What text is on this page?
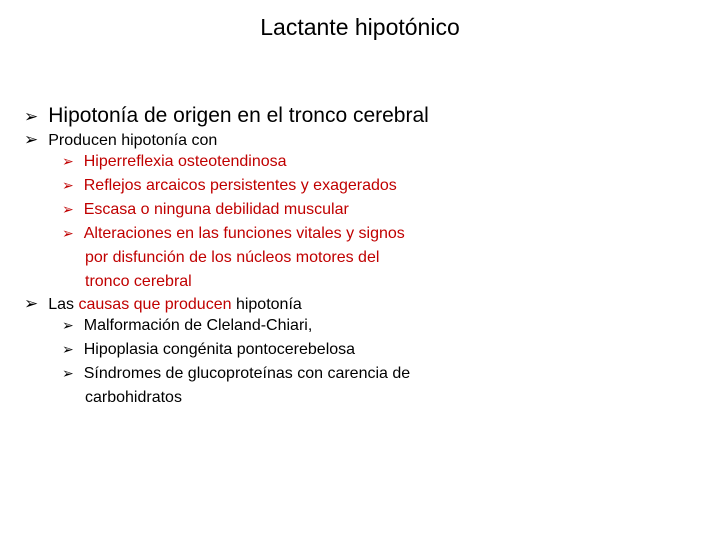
Lactante hipotónico
➢ Hipotonía de origen en el tronco cerebral
➢ Producen hipotonía con
➢ Hiperreflexia osteotendinosa
➢ Reflejos arcaicos persistentes y exagerados
➢ Escasa o ninguna debilidad muscular
➢ Alteraciones en las funciones vitales y signos
por disfunción de los núcleos motores del
tronco cerebral
➢ Las causas que producen hipotonía
➢ Malformación de Cleland-Chiari,
➢ Hipoplasia congénita pontocerebelosa
➢ Síndromes de glucoproteínas con carencia de
carbohidratos
